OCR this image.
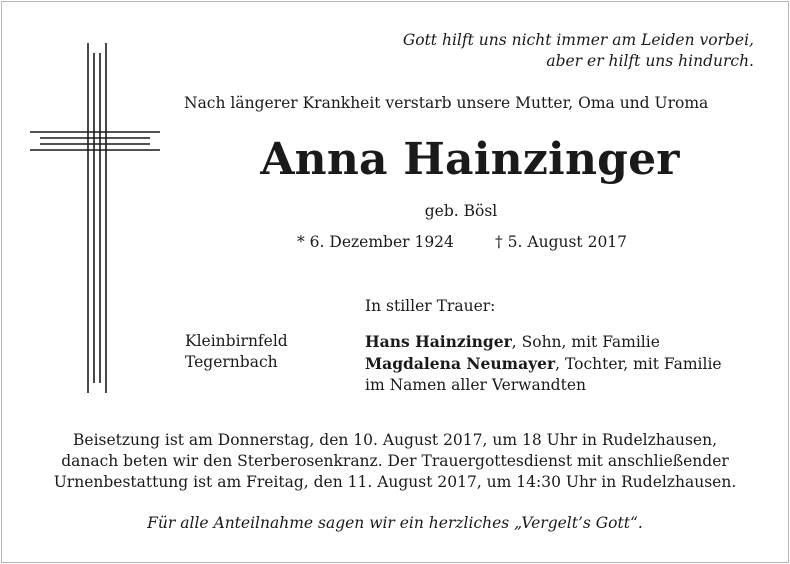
Gott hilft uns nicht immer am Leiden vorbei,
aber er hilft uns hindurch.
Nach längerer Krankheit verstarb unsere Mutter, Oma und Uroma
Anna Hainzinger
geb. Bösl
* 6. Dezember 1924	† 5. August 2017
In stiller Trauer:
Kleinbirnfeld
Tegernbach
Hans Hainzinger, Sohn, mit Familie
Magdalena Neumayer, Tochter, mit Familie
im Namen aller Verwandten
Beisetzung ist am Donnerstag, den 10. August 2017, um 18 Uhr in Rudelzhausen,
danach beten wir den Sterberosenkranz. Der Trauergottesdienst mit anschließender
Urnenbestattung ist am Freitag, den 11. August 2017, um 14:30 Uhr in Rudelzhausen.
Für alle Anteilnahme sagen wir ein herzliches „Vergelt’s Gott“.
